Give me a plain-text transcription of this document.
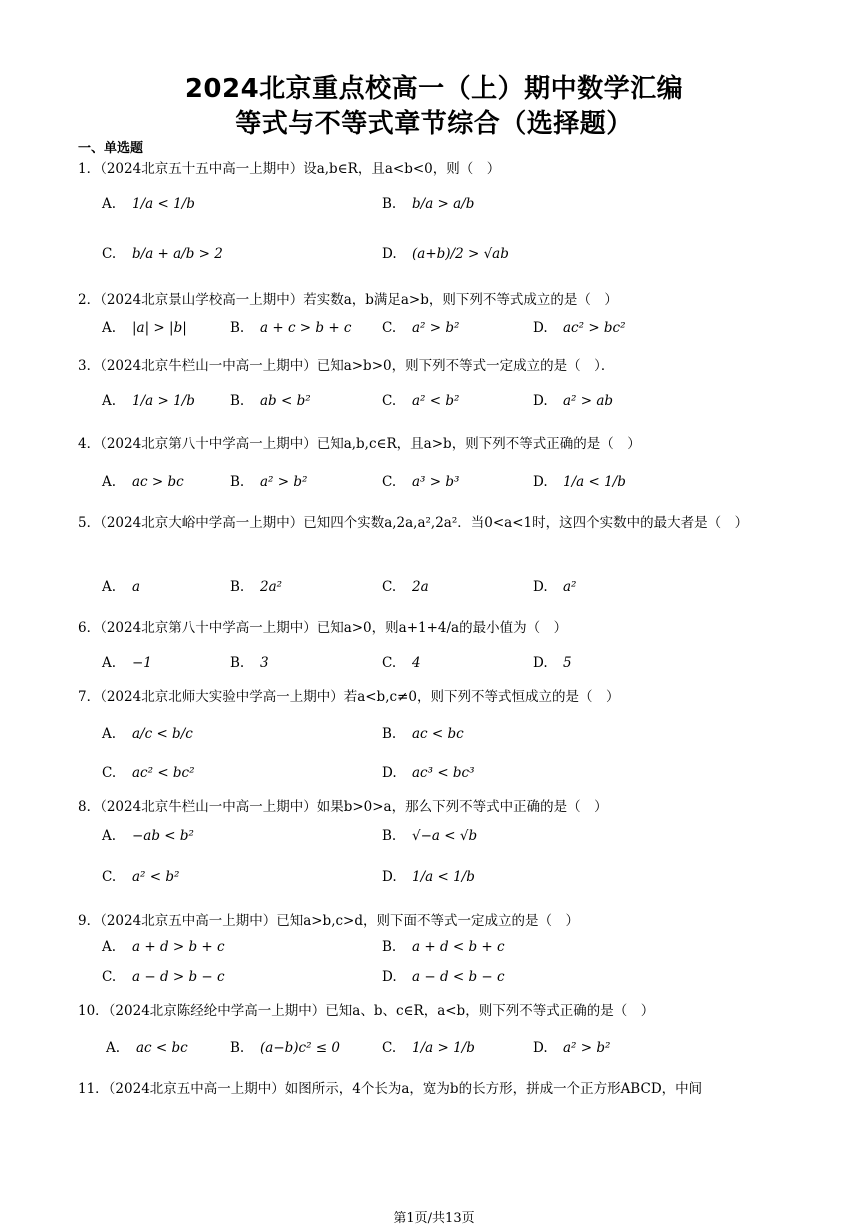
2024北京重点校高一（上）期中数学汇编
等式与不等式章节综合（选择题）
一、单选题
1．（2024北京五十五中高一上期中）设a,b∈R，且a<b<0，则（　）
A. 1/a < 1/b	B. b/a > a/b
C. b/a + a/b > 2	D. (a+b)/2 > √ab
2．（2024北京景山学校高一上期中）若实数a，b满足a>b，则下列不等式成立的是（　）
A. |a| > |b|	B. a + c > b + c C. a² > b²	D. ac² > bc²
3．（2024北京牛栏山一中高一上期中）已知a>b>0，则下列不等式一定成立的是（　）．
A. 1/a > 1/b	B. ab < b²	C. a² < b²	D. a² > ab
4．（2024北京第八十中学高一上期中）已知a,b,c∈R，且a>b，则下列不等式正确的是（　）
A. ac > bc	B. a² > b²	C. a³ > b³	D. 1/a < 1/b
5．（2024北京大峪中学高一上期中）已知四个实数a,2a,a²,2a²．当0<a<1时，这四个实数中的最大者是（　）
A. a	B. 2a²	C. 2a	D. a²
6．（2024北京第八十中学高一上期中）已知a>0，则a+1+4/a的最小值为（　）
A. −1	B. 3	C. 4	D. 5
7．（2024北京北师大实验中学高一上期中）若a<b,c≠0，则下列不等式恒成立的是（　）
A. a/c < b/c	B. ac < bc
C. ac² < bc²	D. ac³ < bc³
8．（2024北京牛栏山一中高一上期中）如果b>0>a，那么下列不等式中正确的是（　）
A. −ab < b²	B. √−a < √b
C. a² < b²	D. 1/a < 1/b
9．（2024北京五中高一上期中）已知a>b,c>d，则下面不等式一定成立的是（　）
A. a + d > b + c	B. a + d < b + c
C. a − d > b − c	D. a − d < b − c
10．（2024北京陈经纶中学高一上期中）已知a、b、c∈R，a<b，则下列不等式正确的是（　）
A. ac < bc	B. (a−b)c² ≤ 0	C. 1/a > 1/b	D. a² > b²
11．（2024北京五中高一上期中）如图所示，4个长为a，宽为b的长方形，拼成一个正方形ABCD，中间
第1页/共13页
